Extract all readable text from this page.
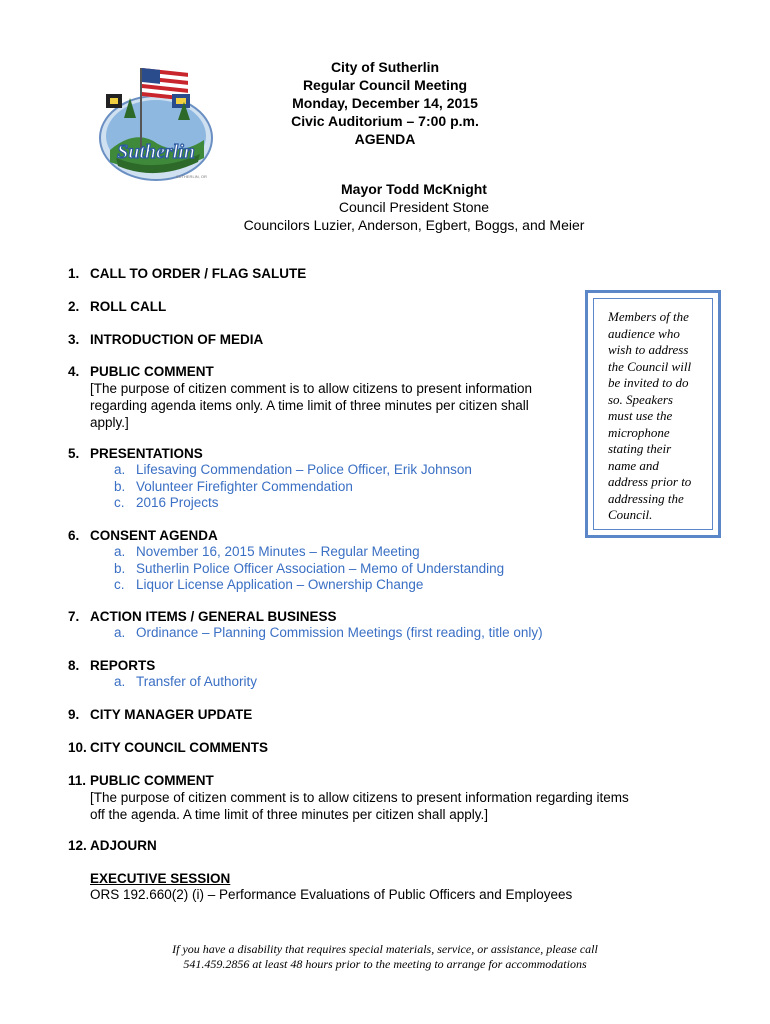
Sutherlin
SUTHERLIN, OR
City of Sutherlin
Regular Council Meeting
Monday, December 14, 2015
Civic Auditorium – 7:00 p.m.
AGENDA
Mayor Todd McKnight
Council President Stone
Councilors Luzier, Anderson, Egbert, Boggs, and Meier
1. CALL TO ORDER / FLAG SALUTE
2. ROLL CALL
3. INTRODUCTION OF MEDIA
4. PUBLIC COMMENT
[The purpose of citizen comment is to allow citizens to present information
regarding agenda items only. A time limit of three minutes per citizen shall
apply.]
5. PRESENTATIONS
a. Lifesaving Commendation – Police Officer, Erik Johnson
b. Volunteer Firefighter Commendation
c. 2016 Projects
6. CONSENT AGENDA
a. November 16, 2015 Minutes – Regular Meeting
b. Sutherlin Police Officer Association – Memo of Understanding
c. Liquor License Application – Ownership Change
7. ACTION ITEMS / GENERAL BUSINESS
a. Ordinance – Planning Commission Meetings (first reading, title only)
8. REPORTS
a. Transfer of Authority
9. CITY MANAGER UPDATE
10. CITY COUNCIL COMMENTS
11. PUBLIC COMMENT
[The purpose of citizen comment is to allow citizens to present information regarding items
off the agenda. A time limit of three minutes per citizen shall apply.]
12. ADJOURN
EXECUTIVE SESSION
ORS 192.660(2) (i) – Performance Evaluations of Public Officers and Employees
Members of the
audience who
wish to address
the Council will
be invited to do
so. Speakers
must use the
microphone
stating their
name and
address prior to
addressing the
Council.
If you have a disability that requires special materials, service, or assistance, please call
541.459.2856 at least 48 hours prior to the meeting to arrange for accommodations
